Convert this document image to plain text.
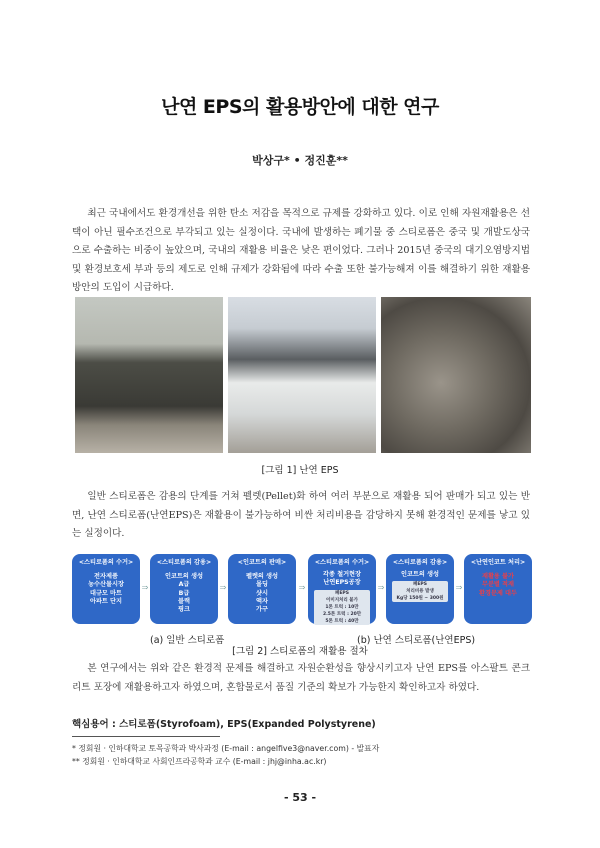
난연 EPS의 활용방안에 대한 연구
박상구* • 정진훈**

최근 국내에서도 환경개선을 위한 탄소 저감을 목적으로 규제를 강화하고 있다. 이로 인해 자원재활용은 선택이 아닌 필수조건으로 부각되고 있는 실정이다. 국내에 발생하는 폐기물 중 스티로폼은 중국 및 개발도상국으로 수출하는 비중이 높았으며, 국내의 재활용 비율은 낮은 편이었다. 그러나 2015년 중국의 대기오염방지법 및 환경보호세 부과 등의 제도로 인해 규제가 강화됨에 따라 수출 또한 불가능해져 이를 해결하기 위한 재활용 방안의 도입이 시급하다.

[그림 1] 난연 EPS

일반 스티로폼은 감용의 단계를 거쳐 펠렛(Pellet)화 하여 여러 부분으로 재활용 되어 판매가 되고 있는 반면, 난연 스티로폼(난연EPS)은 재활용이 불가능하여 비싼 처리비용을 감당하지 못해 환경적인 문제를 낳고 있는 실정이다.

<스티로폼의 수거>
전자제품
농수산물시장
대규모 마트
아파트 단지
⇒
<스티로폼의 감용>
인코트의 생성
A급
B급
블랙
핑크
⇒
<인코트의 판매>
펠렛의 생성
몰딩
샷시
액자
가구
⇒
<스티로폼의 수거>
각종 철거현장
난연EPS공장
폐EPS
이미지처리 불가
1톤 트럭 : 10만
2.5톤 트럭 : 20만
5톤 트럭 : 40만
⇒
<스티로폼의 감용>
인코트의 생성
폐EPS
처리비용 발생
Kg당 150원 ~ 300원
⇒
<난연인코트 처리>
재활용 불가
무분별 적재
환경문제 대두
(a) 일반 스티로폼	(b) 난연 스티로폼(난연EPS)
[그림 2] 스티로폼의 재활용 절차

본 연구에서는 위와 같은 환경적 문제를 해결하고 자원순환성을 향상시키고자 난연 EPS를 아스팔트 콘크리트 포장에 재활용하고자 하였으며, 혼합물로서 품질 기준의 확보가 가능한지 확인하고자 하였다.

핵심용어 : 스티로폼(Styrofoam), EPS(Expanded Polystyrene)
* 정회원 · 인하대학교 토목공학과 박사과정 (E-mail : angelfive3@naver.com) - 발표자
** 정회원 · 인하대학교 사회인프라공학과 교수 (E-mail : jhj@inha.ac.kr)
- 53 -
